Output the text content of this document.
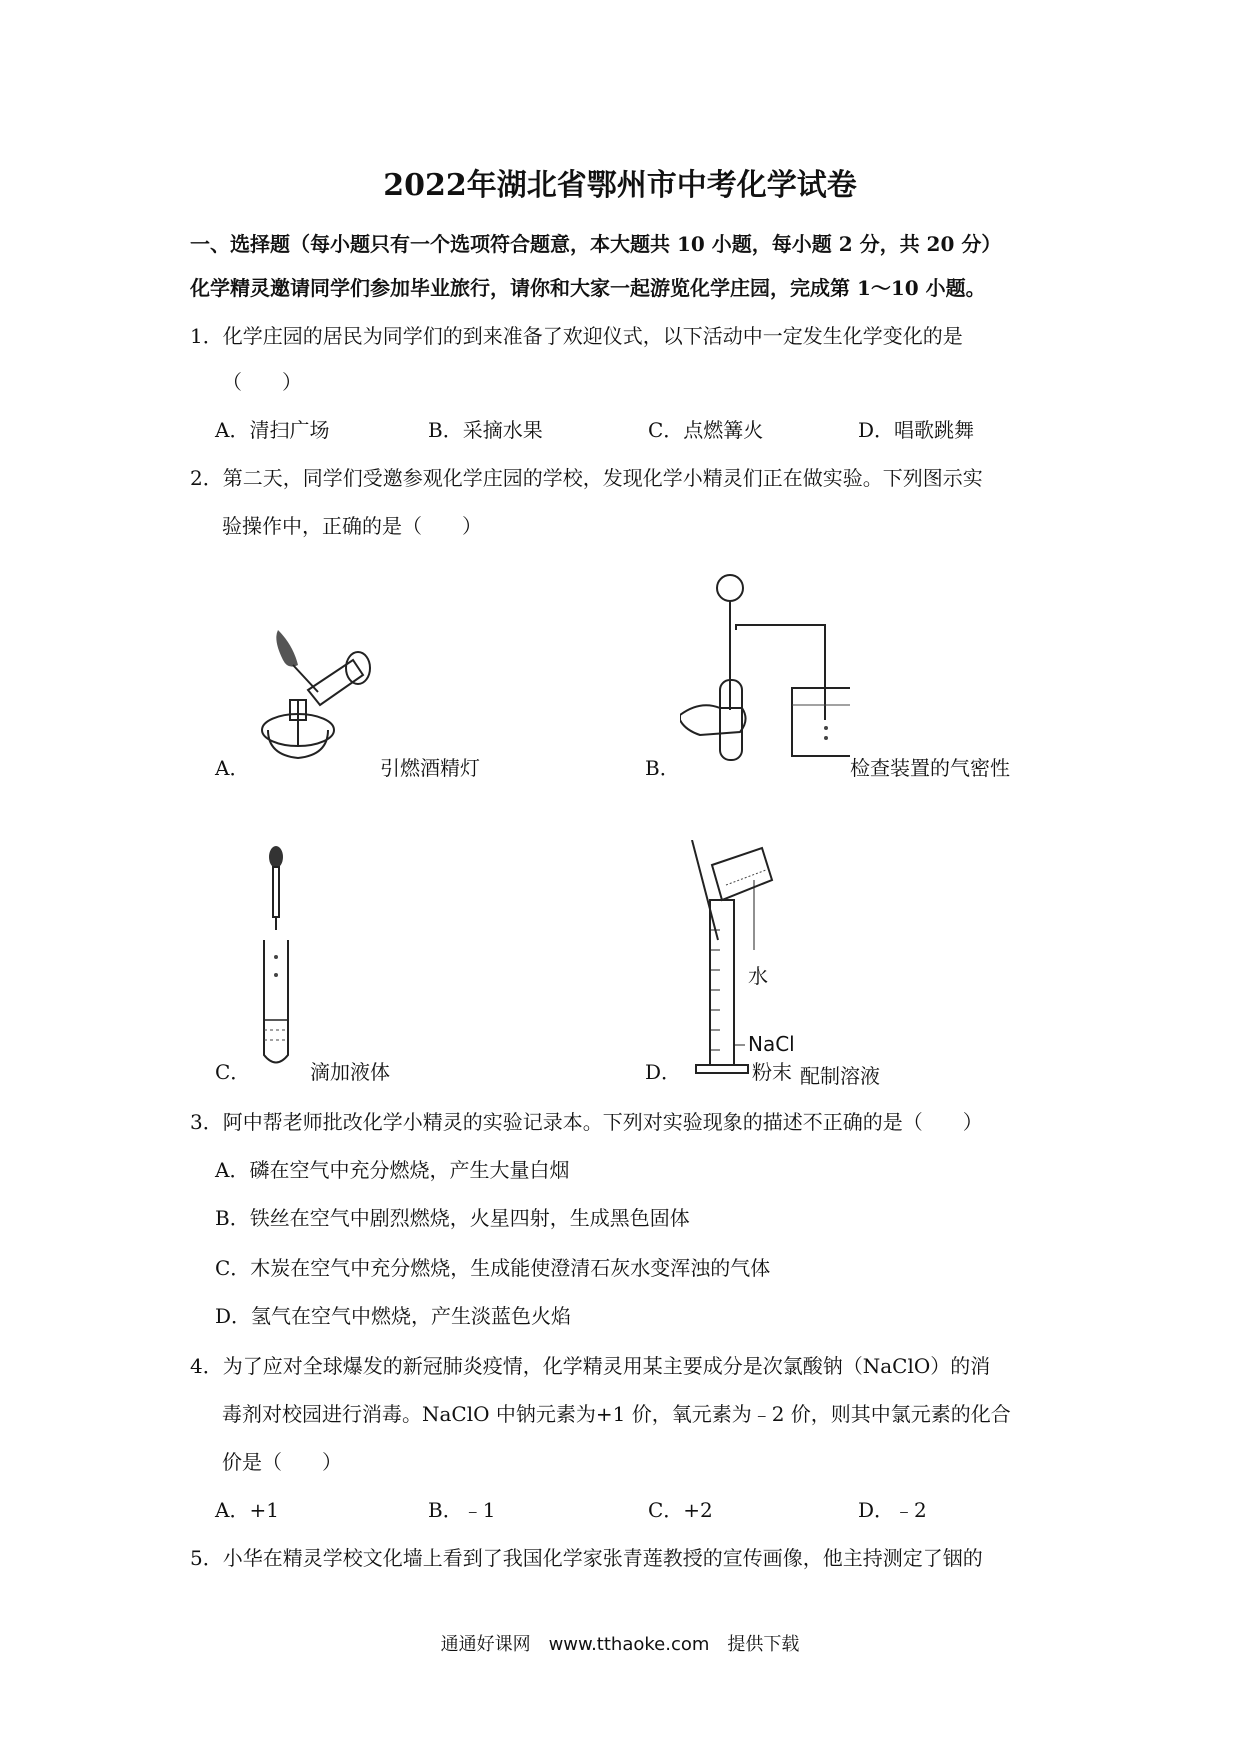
2022年湖北省鄂州市中考化学试卷
一、选择题（每小题只有一个选项符合题意，本大题共 10 小题，每小题 2 分，共 20 分）
化学精灵邀请同学们参加毕业旅行，请你和大家一起游览化学庄园，完成第 1～10 小题。
1．化学庄园的居民为同学们的到来准备了欢迎仪式，以下活动中一定发生化学变化的是
（　　）
A．清扫广场	B．采摘水果	C．点燃篝火	D．唱歌跳舞
2．第二天，同学们受邀参观化学庄园的学校，发现化学小精灵们正在做实验。下列图示实
验操作中，正确的是（　　）
A．	引燃酒精灯	B．	检查装置的气密性
C．	滴加液体	D．
水
NaCl
粉末 配制溶液
3．阿中帮老师批改化学小精灵的实验记录本。下列对实验现象的描述不正确的是（　　）
A．磷在空气中充分燃烧，产生大量白烟
B．铁丝在空气中剧烈燃烧，火星四射，生成黑色固体
C．木炭在空气中充分燃烧，生成能使澄清石灰水变浑浊的气体
D．氢气在空气中燃烧，产生淡蓝色火焰
4．为了应对全球爆发的新冠肺炎疫情，化学精灵用某主要成分是次氯酸钠（NaClO）的消
毒剂对校园进行消毒。NaClO 中钠元素为+1 价，氧元素为﹣2 价，则其中氯元素的化合
价是（　　）
A．+1	B．﹣1	C．+2	D．﹣2
5．小华在精灵学校文化墙上看到了我国化学家张青莲教授的宣传画像，他主持测定了铟的
通通好课网　www.tthaoke.com　提供下载
